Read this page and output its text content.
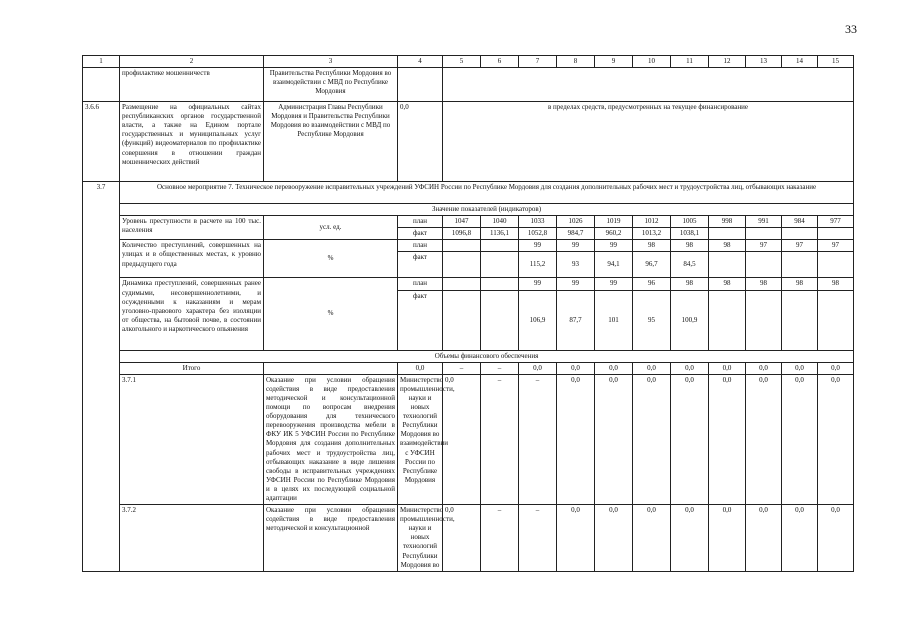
33
1	2	3	4	5	6	7	8	9	10	11	12	13	14	15	
	профилактике мошенничеств	Правительства Республики Мордовия во взаимодействии с МВД по Республике Мордовия													
3.6.6	Размещение на официальных сайтах республиканских органов государственной власти, а также на Едином портале государственных и муниципальных услуг (функций) видеоматериалов по профилактике совершения в отношении граждан мошеннических действий	Администрация Главы Республики Мордовия и Правительства Республики Мордовия во взаимодействии с МВД по Республике Мордовия	0,0	в пределах средств, предусмотренных на текущее финансирование											
3.7	Основное мероприятие 7. Техническое перевооружение исправительных учреждений УФСИН России по Республике Мордовия для создания дополнительных рабочих мест и трудоустройства лиц, отбывающих наказание														
	Значение показателей (индикаторов)														
	Уровень преступности в расчете на 100 тыс. населения	усл. ед.	план	1047	1040	1033	1026	1019	1012	1005	998	991	984	977	
			факт	1096,8	1136,1	1052,8	984,7	960,2	1013,2	1038,1					
	Количество преступлений, совершенных на улицах и в общественных местах, к уровню предыдущего года	%	план			99	99	99	98	98	98	97	97	97	
			факт			115,2	93	94,1	96,7	84,5					
	Динамика преступлений, совершенных ранее судимыми, несовершеннолетними, и осужденными к наказаниям и мерам уголовно-правового характера без изоляции от общества, на бытовой почве, в состоянии алкогольного и наркотического опьянения	%	план			99	99	99	96	98	98	98	98	98	
			факт			106,9	87,7	101	95	100,9					
	Объемы финансового обеспечения														
	Итого		0,0	–	–	0,0	0,0	0,0	0,0	0,0	0,0	0,0	0,0	0,0	
	3.7.1	Оказание при условии обращения содействия в виде предоставления методической и консультационной помощи по вопросам внедрения оборудования для технического перевооружения производства мебели в ФКУ ИК 5 УФСИН России по Республике Мордовия для создания дополнительных рабочих мест и трудоустройства лиц, отбывающих наказание в виде лишения свободы в исправительных учреждениях УФСИН России по Республике Мордовия и в целях их последующей социальной адаптации	Министерство промышленности, науки и новых технологий Республики Мордовия во взаимодействии с УФСИН России по Республике Мордовия	0,0	–	–	0,0	0,0	0,0	0,0	0,0	0,0	0,0	0,0	
	3.7.2	Оказание при условии обращения содействия в виде предоставления методической и консультационной	Министерство промышленности, науки и новых технологий Республики Мордовия во	0,0	–	–	0,0	0,0	0,0	0,0	0,0	0,0	0,0	0,0	
